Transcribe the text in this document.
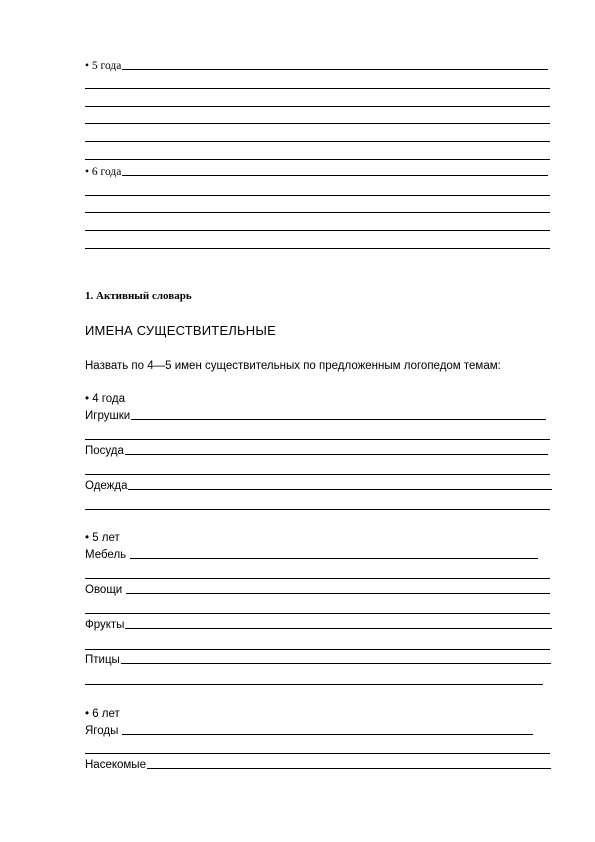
• 5 года
• 6 года
1. Активный словарь
ИМЕНА СУЩЕСТВИТЕЛЬНЫЕ
Назвать по 4—5 имен существительных по предложенным логопедом темам:
• 4 года
Игрушки
Посуда
Одежда
• 5 лет
Мебель
Овощи
Фрукты
Птицы
• 6 лет
Ягоды
Насекомые
